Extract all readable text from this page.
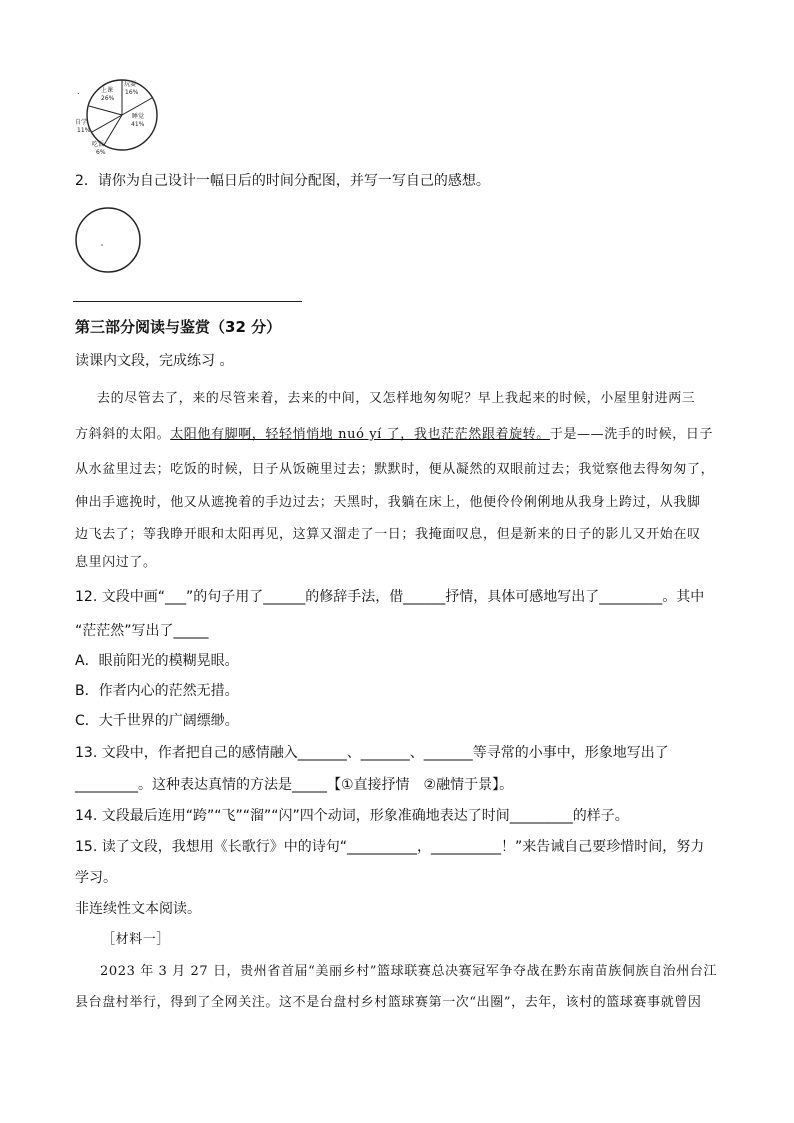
玩耍
16%
睡觉
41%
吃饭
6%
自学
11%
上课
26%
.
2．请你为自己设计一幅日后的时间分配图，并写一写自己的感想。
第三部分阅读与鉴赏（32 分）
读课内文段，完成练习 。
去的尽管去了，来的尽管来着，去来的中间，又怎样地匆匆呢？早上我起来的时候，小屋里射进两三
方斜斜的太阳。太阳他有脚啊，轻轻悄悄地 nuó yí 了，我也茫茫然跟着旋转。于是——洗手的时候，日子
从水盆里过去；吃饭的时候，日子从饭碗里过去；默默时，便从凝然的双眼前过去；我觉察他去得匆匆了，
伸出手遮挽时，他又从遮挽着的手边过去；天黑时，我躺在床上，他便伶伶俐俐地从我身上跨过，从我脚
边飞去了；等我睁开眼和太阳再见，这算又溜走了一日；我掩面叹息，但是新来的日子的影儿又开始在叹
息里闪过了。
12. 文段中画“___”的句子用了______的修辞手法，借______抒情，具体可感地写出了_________。其中
“茫茫然”写出了_____
A．眼前阳光的模糊晃眼。
B．作者内心的茫然无措。
C．大千世界的广阔缥缈。
13. 文段中，作者把自己的感情融入_______、_______、_______等寻常的小事中，形象地写出了
_________。这种表达真情的方法是_____【①直接抒情　②融情于景】。
14. 文段最后连用“跨”“飞”“溜”“闪”四个动词，形象准确地表达了时间_________的样子。
15. 读了文段，我想用《长歌行》中的诗句“__________，__________！”来告诫自己要珍惜时间，努力
学习。
非连续性文本阅读。
［材料一］
2023 年 3 月 27 日，贵州省首届“美丽乡村”篮球联赛总决赛冠军争夺战在黔东南苗族侗族自治州台江
县台盘村举行，得到了全网关注。这不是台盘村乡村篮球赛第一次“出圈”，去年，该村的篮球赛事就曾因
